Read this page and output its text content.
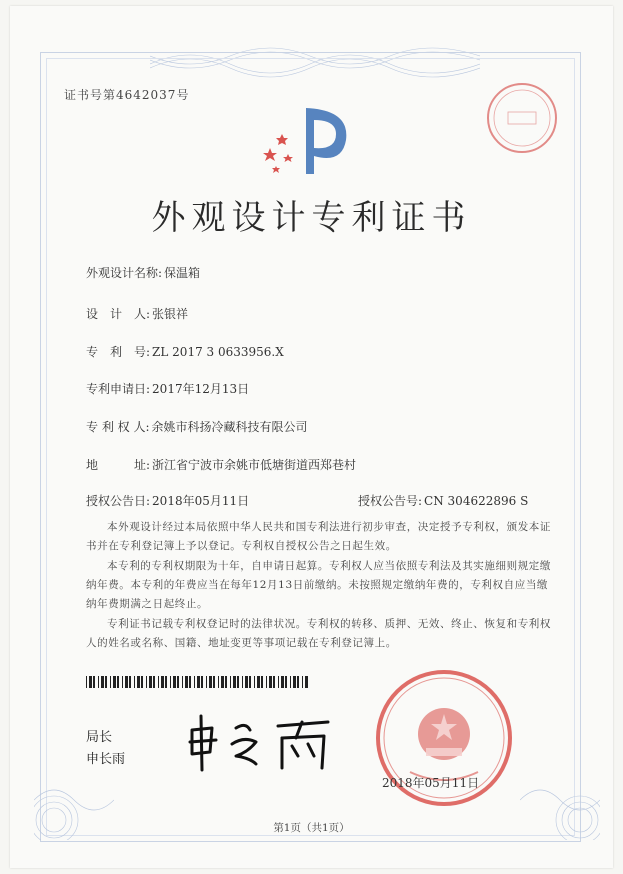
证书号第4642037号
外观设计专利证书
外观设计名称: 保温箱
设　计　人: 张银祥
专　利　号: ZL 2017 3 0633956.X
专利申请日: 2017年12月13日
专 利 权 人: 余姚市科扬冷藏科技有限公司
地　　　址: 浙江省宁波市余姚市低塘街道西郑巷村
授权公告日: 2018年05月11日	授权公告号: CN 304622896 S
本外观设计经过本局依照中华人民共和国专利法进行初步审查，决定授予专利权，颁发本证书并在专利登记簿上予以登记。专利权自授权公告之日起生效。
本专利的专利权期限为十年，自申请日起算。专利权人应当依照专利法及其实施细则规定缴纳年费。本专利的年费应当在每年12月13日前缴纳。未按照规定缴纳年费的，专利权自应当缴纳年费期满之日起终止。
专利证书记载专利权登记时的法律状况。专利权的转移、质押、无效、终止、恢复和专利权人的姓名或名称、国籍、地址变更等事项记载在专利登记簿上。
局长
申长雨
2018年05月11日
第1页（共1页）
